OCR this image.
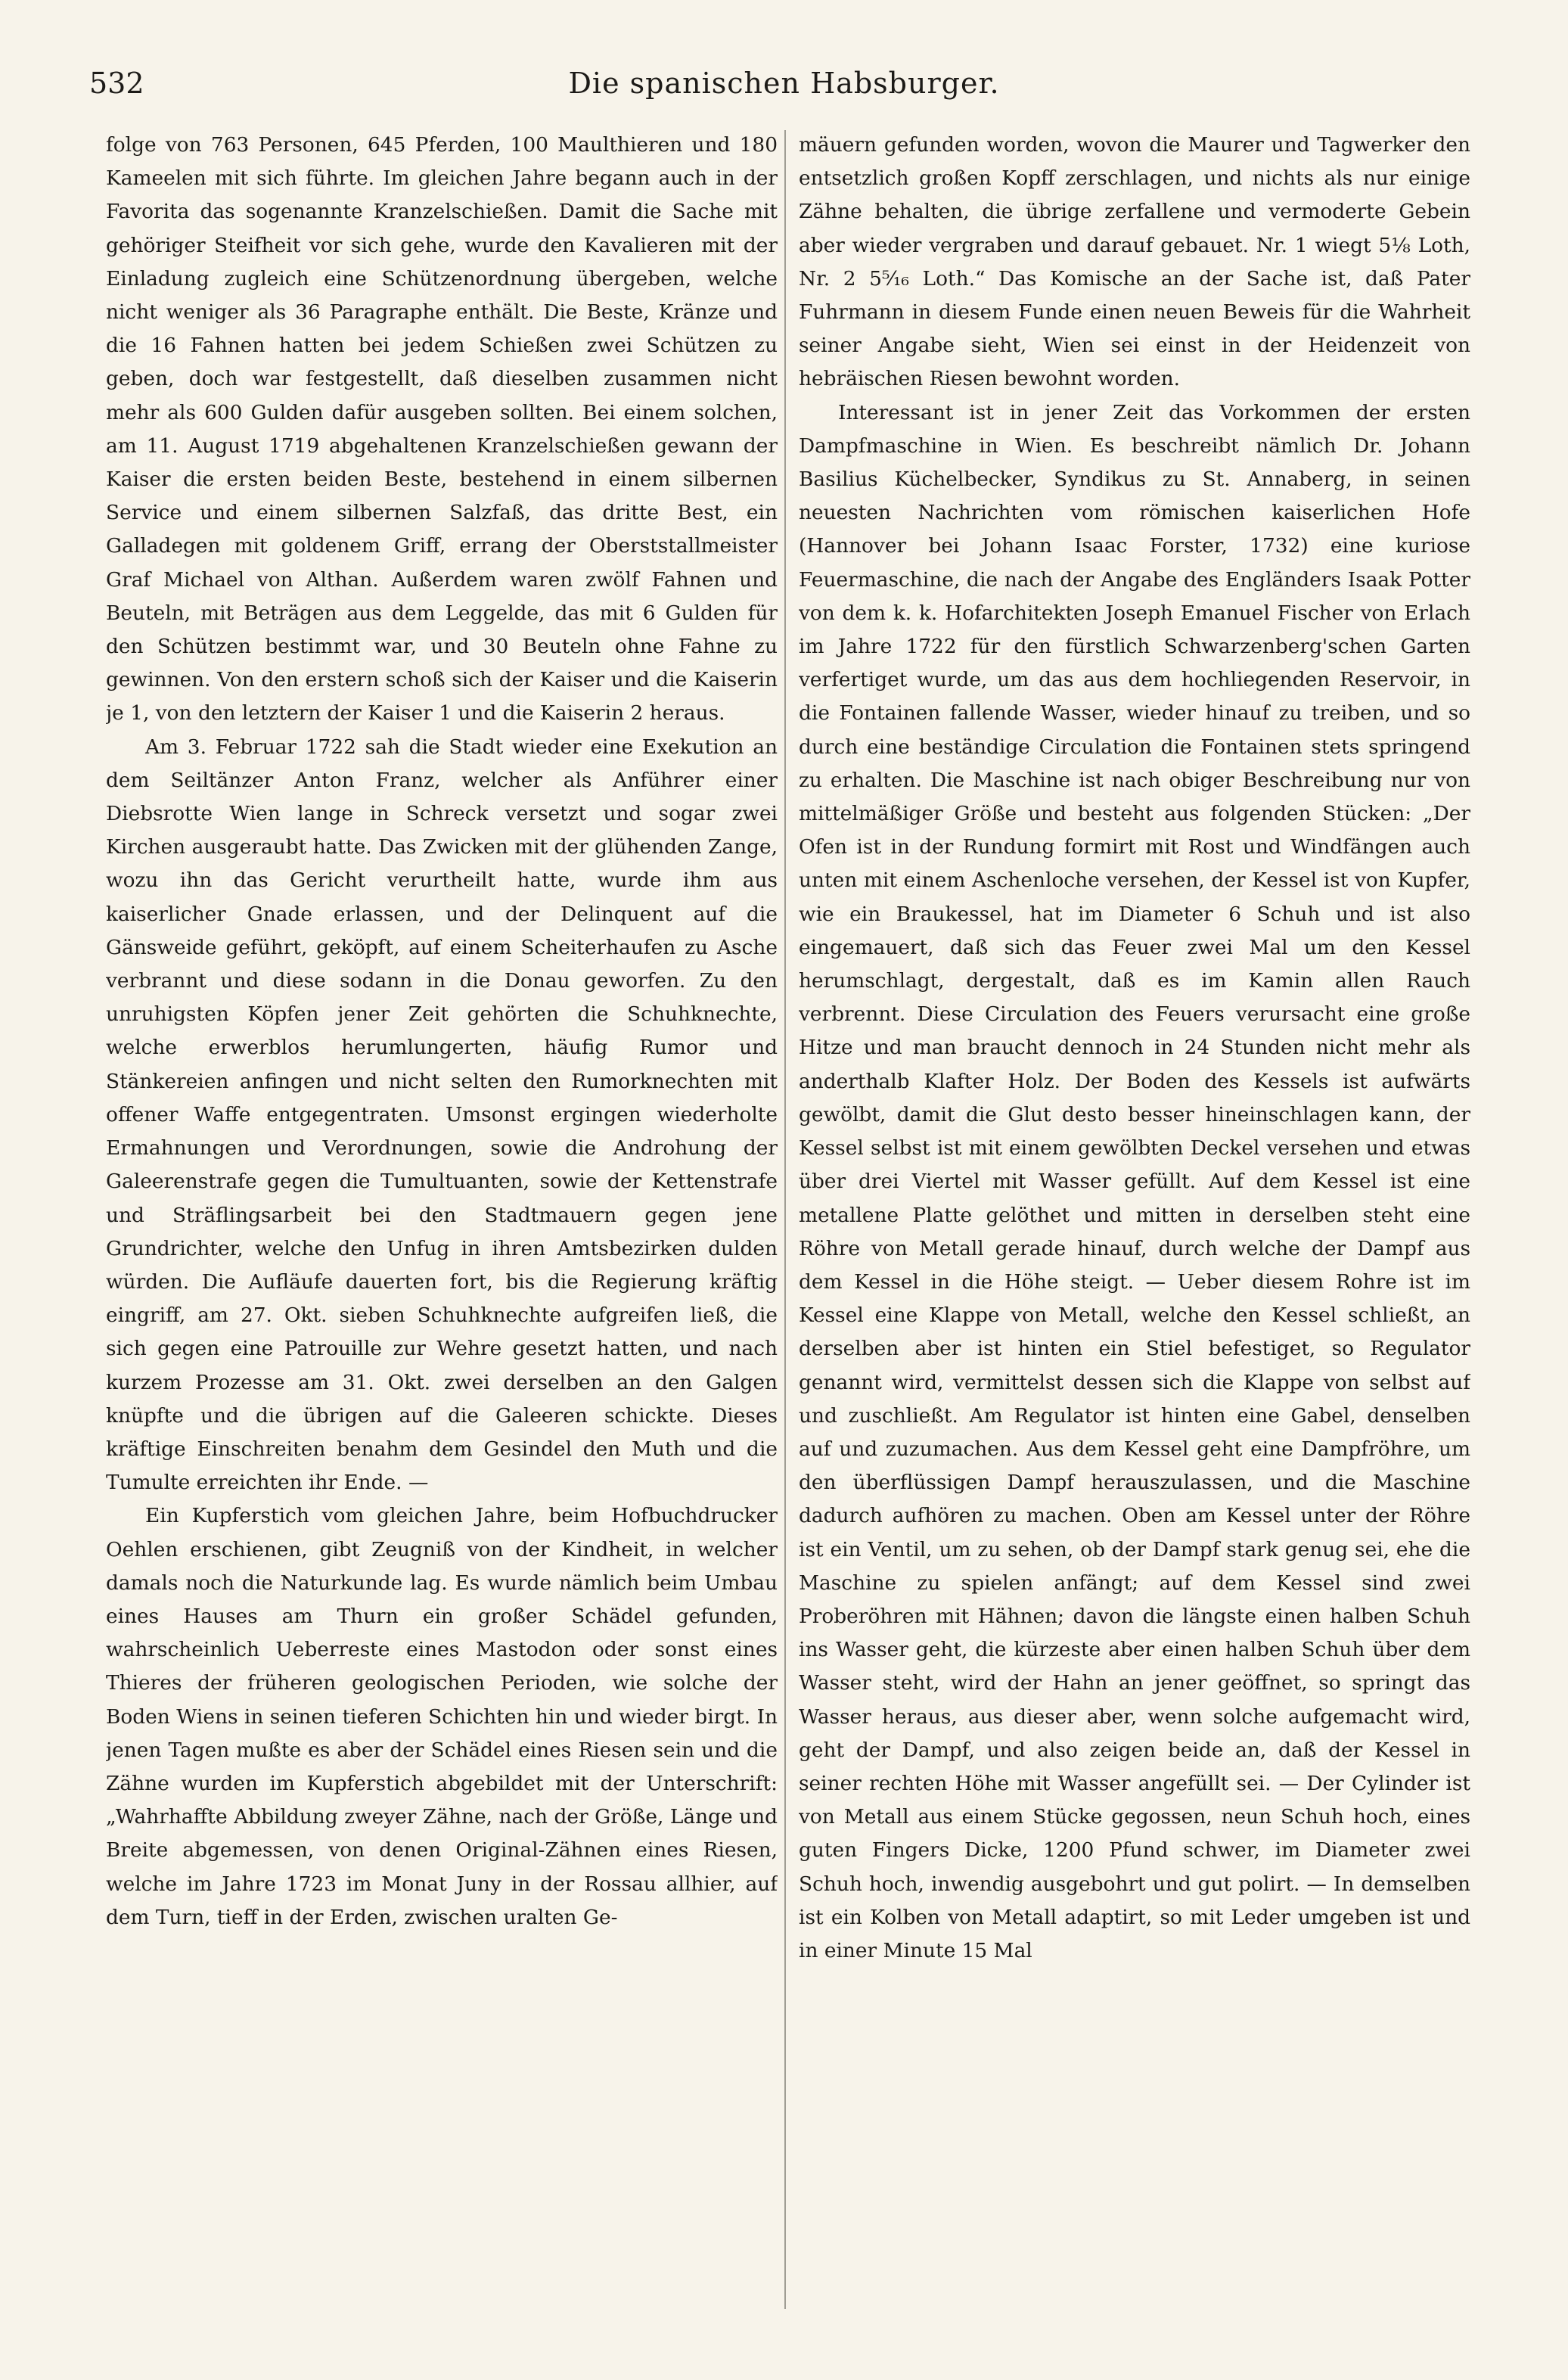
532	Die spanischen Habsburger.

folge von 763 Personen, 645 Pferden, 100 Maulthieren und 180 Kameelen mit sich führte. Im gleichen Jahre begann auch in der Favorita das sogenannte Kranzelschießen. Damit die Sache mit gehöriger Steifheit vor sich gehe, wurde den Kavalieren mit der Einladung zugleich eine Schützenordnung übergeben, welche nicht weniger als 36 Paragraphe enthält. Die Beste, Kränze und die 16 Fahnen hatten bei jedem Schießen zwei Schützen zu geben, doch war festgestellt, daß dieselben zusammen nicht mehr als 600 Gulden dafür ausgeben sollten. Bei einem solchen, am 11. August 1719 abgehaltenen Kranzelschießen gewann der Kaiser die ersten beiden Beste, bestehend in einem silbernen Service und einem silbernen Salzfaß, das dritte Best, ein Galladegen mit goldenem Griff, errang der Oberststallmeister Graf Michael von Althan. Außerdem waren zwölf Fahnen und Beuteln, mit Beträgen aus dem Leggelde, das mit 6 Gulden für den Schützen bestimmt war, und 30 Beuteln ohne Fahne zu gewinnen. Von den erstern schoß sich der Kaiser und die Kaiserin je 1, von den letztern der Kaiser 1 und die Kaiserin 2 heraus.

Am 3. Februar 1722 sah die Stadt wieder eine Exekution an dem Seiltänzer Anton Franz, welcher als Anführer einer Diebsrotte Wien lange in Schreck versetzt und sogar zwei Kirchen ausgeraubt hatte. Das Zwicken mit der glühenden Zange, wozu ihn das Gericht verurtheilt hatte, wurde ihm aus kaiserlicher Gnade erlassen, und der Delinquent auf die Gänsweide geführt, geköpft, auf einem Scheiterhaufen zu Asche verbrannt und diese sodann in die Donau geworfen. Zu den unruhigsten Köpfen jener Zeit gehörten die Schuhknechte, welche erwerblos herumlungerten, häufig Rumor und Stänkereien anfingen und nicht selten den Rumorknechten mit offener Waffe entgegentraten. Umsonst ergingen wiederholte Ermahnungen und Verordnungen, sowie die Androhung der Galeerenstrafe gegen die Tumultuanten, sowie der Kettenstrafe und Sträflingsarbeit bei den Stadtmauern gegen jene Grundrichter, welche den Unfug in ihren Amtsbezirken dulden würden. Die Aufläufe dauerten fort, bis die Regierung kräftig eingriff, am 27. Okt. sieben Schuhknechte aufgreifen ließ, die sich gegen eine Patrouille zur Wehre gesetzt hatten, und nach kurzem Prozesse am 31. Okt. zwei derselben an den Galgen knüpfte und die übrigen auf die Galeeren schickte. Dieses kräftige Einschreiten benahm dem Gesindel den Muth und die Tumulte erreichten ihr Ende. —

Ein Kupferstich vom gleichen Jahre, beim Hofbuchdrucker Oehlen erschienen, gibt Zeugniß von der Kindheit, in welcher damals noch die Naturkunde lag. Es wurde nämlich beim Umbau eines Hauses am Thurn ein großer Schädel gefunden, wahrscheinlich Ueberreste eines Mastodon oder sonst eines Thieres der früheren geologischen Perioden, wie solche der Boden Wiens in seinen tieferen Schichten hin und wieder birgt. In jenen Tagen mußte es aber der Schädel eines Riesen sein und die Zähne wurden im Kupferstich abgebildet mit der Unterschrift: „Wahrhaffte Abbildung zweyer Zähne, nach der Größe, Länge und Breite abgemessen, von denen Original-Zähnen eines Riesen, welche im Jahre 1723 im Monat Juny in der Rossau allhier, auf dem Turn, tieff in der Erden, zwischen uralten Ge-

mäuern gefunden worden, wovon die Maurer und Tagwerker den entsetzlich großen Kopff zerschlagen, und nichts als nur einige Zähne behalten, die übrige zerfallene und vermoderte Gebein aber wieder vergraben und darauf gebauet. Nr. 1 wiegt 5⅛ Loth, Nr. 2 5⁵⁄₁₆ Loth.“ Das Komische an der Sache ist, daß Pater Fuhrmann in diesem Funde einen neuen Beweis für die Wahrheit seiner Angabe sieht, Wien sei einst in der Heidenzeit von hebräischen Riesen bewohnt worden.

Interessant ist in jener Zeit das Vorkommen der ersten Dampfmaschine in Wien. Es beschreibt nämlich Dr. Johann Basilius Küchelbecker, Syndikus zu St. Annaberg, in seinen neuesten Nachrichten vom römischen kaiserlichen Hofe (Hannover bei Johann Isaac Forster, 1732) eine kuriose Feuermaschine, die nach der Angabe des Engländers Isaak Potter von dem k. k. Hofarchitekten Joseph Emanuel Fischer von Erlach im Jahre 1722 für den fürstlich Schwarzenberg'schen Garten verfertiget wurde, um das aus dem hochliegenden Reservoir, in die Fontainen fallende Wasser, wieder hinauf zu treiben, und so durch eine beständige Circulation die Fontainen stets springend zu erhalten. Die Maschine ist nach obiger Beschreibung nur von mittelmäßiger Größe und besteht aus folgenden Stücken: „Der Ofen ist in der Rundung formirt mit Rost und Windfängen auch unten mit einem Aschenloche versehen, der Kessel ist von Kupfer, wie ein Braukessel, hat im Diameter 6 Schuh und ist also eingemauert, daß sich das Feuer zwei Mal um den Kessel herumschlagt, dergestalt, daß es im Kamin allen Rauch verbrennt. Diese Circulation des Feuers verursacht eine große Hitze und man braucht dennoch in 24 Stunden nicht mehr als anderthalb Klafter Holz. Der Boden des Kessels ist aufwärts gewölbt, damit die Glut desto besser hineinschlagen kann, der Kessel selbst ist mit einem gewölbten Deckel versehen und etwas über drei Viertel mit Wasser gefüllt. Auf dem Kessel ist eine metallene Platte gelöthet und mitten in derselben steht eine Röhre von Metall gerade hinauf, durch welche der Dampf aus dem Kessel in die Höhe steigt. — Ueber diesem Rohre ist im Kessel eine Klappe von Metall, welche den Kessel schließt, an derselben aber ist hinten ein Stiel befestiget, so Regulator genannt wird, vermittelst dessen sich die Klappe von selbst auf und zuschließt. Am Regulator ist hinten eine Gabel, denselben auf und zuzumachen. Aus dem Kessel geht eine Dampfröhre, um den überflüssigen Dampf herauszulassen, und die Maschine dadurch aufhören zu machen. Oben am Kessel unter der Röhre ist ein Ventil, um zu sehen, ob der Dampf stark genug sei, ehe die Maschine zu spielen anfängt; auf dem Kessel sind zwei Proberöhren mit Hähnen; davon die längste einen halben Schuh ins Wasser geht, die kürzeste aber einen halben Schuh über dem Wasser steht, wird der Hahn an jener geöffnet, so springt das Wasser heraus, aus dieser aber, wenn solche aufgemacht wird, geht der Dampf, und also zeigen beide an, daß der Kessel in seiner rechten Höhe mit Wasser angefüllt sei. — Der Cylinder ist von Metall aus einem Stücke gegossen, neun Schuh hoch, eines guten Fingers Dicke, 1200 Pfund schwer, im Diameter zwei Schuh hoch, inwendig ausgebohrt und gut polirt. — In demselben ist ein Kolben von Metall adaptirt, so mit Leder umgeben ist und in einer Minute 15 Mal
